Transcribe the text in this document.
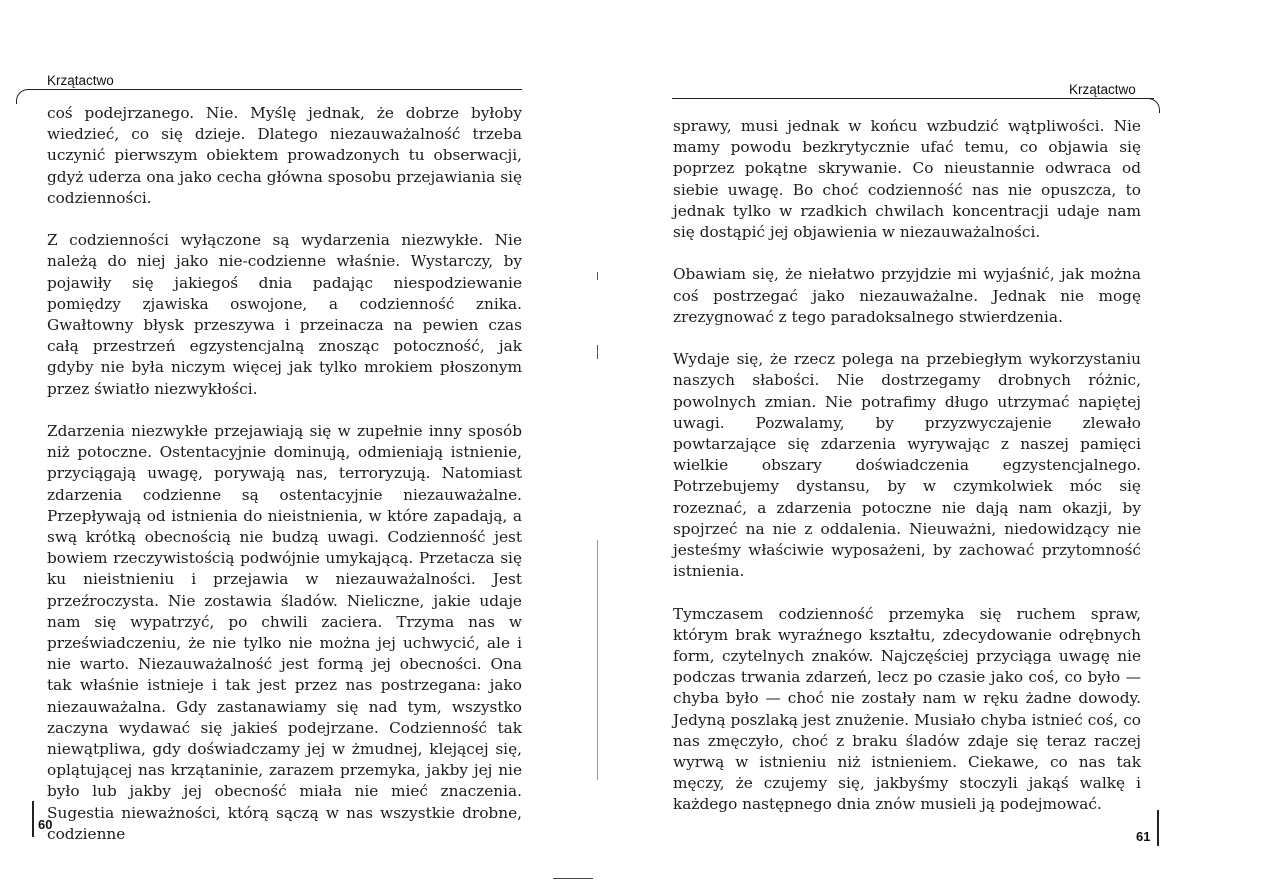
Krzątactwo

coś podejrzanego. Nie. Myślę jednak, że dobrze byłoby wiedzieć, co się dzieje. Dlatego niezauważalność trzeba uczynić pierwszym obiektem prowadzonych tu obserwacji, gdyż uderza ona jako cecha główna sposobu przejawiania się codzienności.

Z codzienności wyłączone są wydarzenia niezwykłe. Nie należą do niej jako nie-codzienne właśnie. Wystarczy, by pojawiły się jakiegoś dnia padając niespodziewanie pomiędzy zjawiska oswojone, a codzienność znika. Gwałtowny błysk przeszywa i przeinacza na pewien czas całą przestrzeń egzystencjalną znosząc potoczność, jak gdyby nie była niczym więcej jak tylko mrokiem płoszonym przez światło niezwykłości.

Zdarzenia niezwykłe przejawiają się w zupełnie inny sposób niż potoczne. Ostentacyjnie dominują, odmieniają istnienie, przyciągają uwagę, porywają nas, terroryzują. Natomiast zdarzenia codzienne są ostentacyjnie niezauważalne. Przepływają od istnienia do nieistnienia, w które zapadają, a swą krótką obecnością nie budzą uwagi. Codzienność jest bowiem rzeczywistością podwójnie umykającą. Przetacza się ku nieistnieniu i przejawia w niezauważalności. Jest przeźroczysta. Nie zostawia śladów. Nieliczne, jakie udaje nam się wypatrzyć, po chwili zaciera. Trzyma nas w przeświadczeniu, że nie tylko nie można jej uchwycić, ale i nie warto. Niezauważalność jest formą jej obecności. Ona tak właśnie istnieje i tak jest przez nas postrzegana: jako niezauważalna. Gdy zastanawiamy się nad tym, wszystko zaczyna wydawać się jakieś podejrzane. Codzienność tak niewątpliwa, gdy doświadczamy jej w żmudnej, klejącej się, oplątującej nas krzątaninie, zarazem przemyka, jakby jej nie było lub jakby jej obecność miała nie mieć znaczenia. Sugestia nieważności, którą sączą w nas wszystkie drobne, codzienne

60
Krzątactwo

sprawy, musi jednak w końcu wzbudzić wątpliwości. Nie mamy powodu bezkrytycznie ufać temu, co objawia się poprzez pokątne skrywanie. Co nieustannie odwraca od siebie uwagę. Bo choć codzienność nas nie opuszcza, to jednak tylko w rzadkich chwilach koncentracji udaje nam się dostąpić jej objawienia w niezauważalności.

Obawiam się, że niełatwo przyjdzie mi wyjaśnić, jak można coś postrzegać jako niezauważalne. Jednak nie mogę zrezygnować z tego paradoksalnego stwierdzenia.

Wydaje się, że rzecz polega na przebiegłym wykorzystaniu naszych słabości. Nie dostrzegamy drobnych różnic, powolnych zmian. Nie potrafimy długo utrzymać napiętej uwagi. Pozwalamy, by przyzwyczajenie zlewało powtarzające się zdarzenia wyrywając z naszej pamięci wielkie obszary doświadczenia egzystencjalnego. Potrzebujemy dystansu, by w czymkolwiek móc się rozeznać, a zdarzenia potoczne nie dają nam okazji, by spojrzeć na nie z oddalenia. Nieuważni, niedowidzący nie jesteśmy właściwie wyposażeni, by zachować przytomność istnienia.

Tymczasem codzienność przemyka się ruchem spraw, którym brak wyraźnego kształtu, zdecydowanie odrębnych form, czytelnych znaków. Najczęściej przyciąga uwagę nie podczas trwania zdarzeń, lecz po czasie jako coś, co było — chyba było — choć nie zostały nam w ręku żadne dowody. Jedyną poszlaką jest znużenie. Musiało chyba istnieć coś, co nas zmęczyło, choć z braku śladów zdaje się teraz raczej wyrwą w istnieniu niż istnieniem. Ciekawe, co nas tak męczy, że czujemy się, jakbyśmy stoczyli jakąś walkę i każdego następnego dnia znów musieli ją podejmować.

61
